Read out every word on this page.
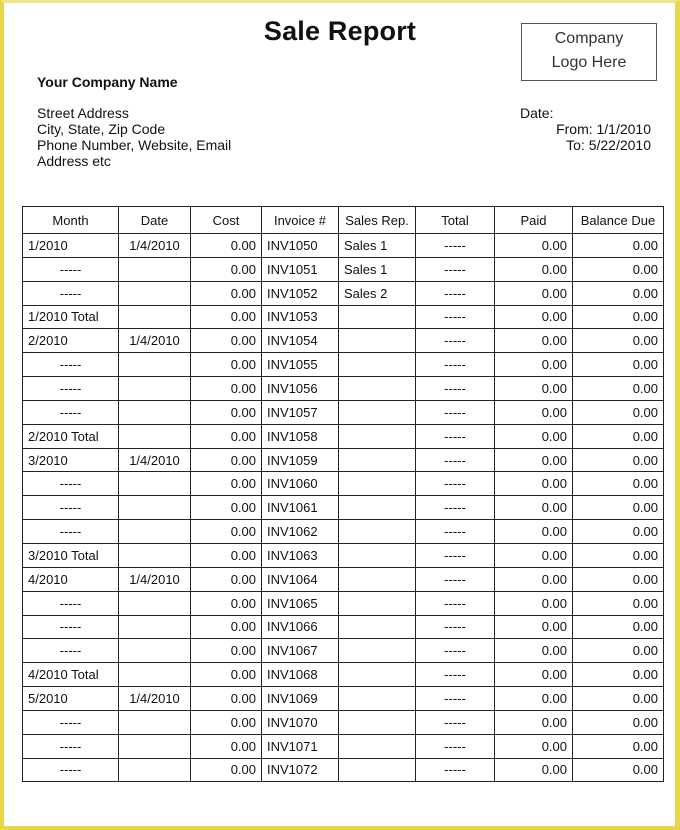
Sale Report	Company
Logo Here
Your Company Name
Street Address
City, State, Zip Code
Phone Number, Website, Email
Address etc
Date:
From: 1/1/2010
To: 5/22/2010
Month	Date	Cost	Invoice #	Sales Rep.	Total	Paid	Balance Due
1/2010	1/4/2010	0.00	INV1050	Sales 1	-----	0.00	0.00
-----		0.00	INV1051	Sales 1	-----	0.00	0.00
-----		0.00	INV1052	Sales 2	-----	0.00	0.00
1/2010 Total		0.00	INV1053		-----	0.00	0.00
2/2010	1/4/2010	0.00	INV1054		-----	0.00	0.00
-----		0.00	INV1055		-----	0.00	0.00
-----		0.00	INV1056		-----	0.00	0.00
-----		0.00	INV1057		-----	0.00	0.00
2/2010 Total		0.00	INV1058		-----	0.00	0.00
3/2010	1/4/2010	0.00	INV1059		-----	0.00	0.00
-----		0.00	INV1060		-----	0.00	0.00
-----		0.00	INV1061		-----	0.00	0.00
-----		0.00	INV1062		-----	0.00	0.00
3/2010 Total		0.00	INV1063		-----	0.00	0.00
4/2010	1/4/2010	0.00	INV1064		-----	0.00	0.00
-----		0.00	INV1065		-----	0.00	0.00
-----		0.00	INV1066		-----	0.00	0.00
-----		0.00	INV1067		-----	0.00	0.00
4/2010 Total		0.00	INV1068		-----	0.00	0.00
5/2010	1/4/2010	0.00	INV1069		-----	0.00	0.00
-----		0.00	INV1070		-----	0.00	0.00
-----		0.00	INV1071		-----	0.00	0.00
-----		0.00	INV1072		-----	0.00	0.00
